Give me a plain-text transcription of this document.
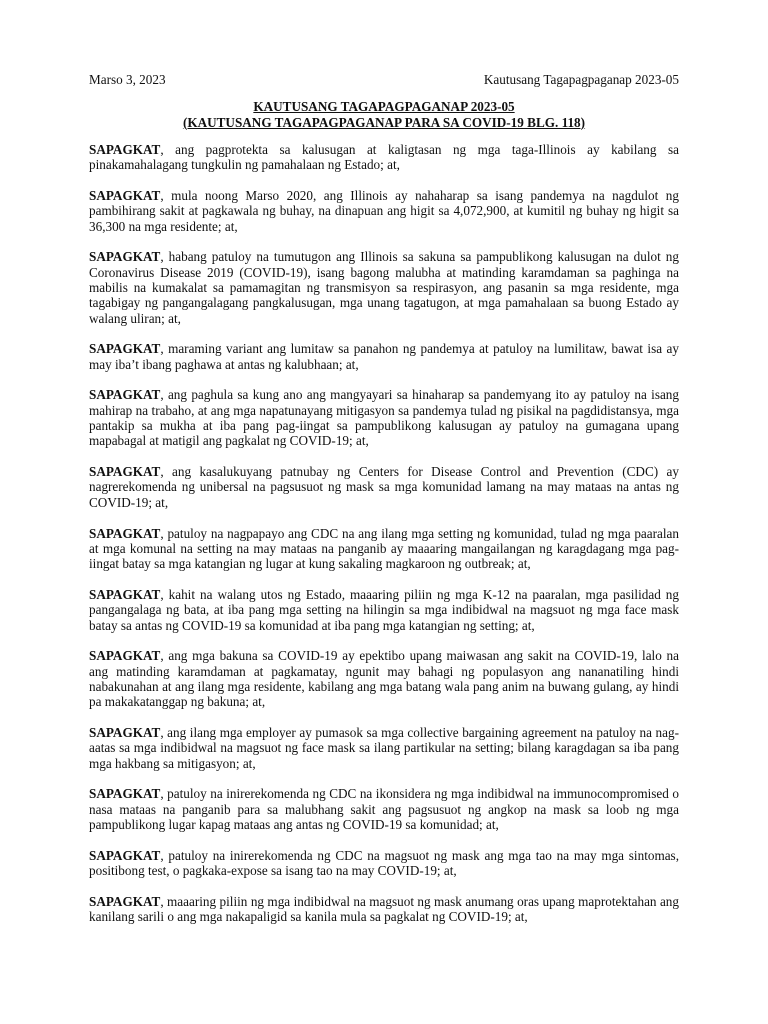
Marso 3, 2023	Kautusang Tagapagpaganap 2023-05
KAUTUSANG TAGAPAGPAGANAP 2023-05
(KAUTUSANG TAGAPAGPAGANAP PARA SA COVID-19 BLG. 118)

SAPAGKAT, ang pagprotekta sa kalusugan at kaligtasan ng mga taga-Illinois ay kabilang sa pinakamahalagang tungkulin ng pamahalaan ng Estado; at,

SAPAGKAT, mula noong Marso 2020, ang Illinois ay nahaharap sa isang pandemya na nagdulot ng pambihirang sakit at pagkawala ng buhay, na dinapuan ang higit sa 4,072,900, at kumitil ng buhay ng higit sa 36,300 na mga residente; at,

SAPAGKAT, habang patuloy na tumutugon ang Illinois sa sakuna sa pampublikong kalusugan na dulot ng Coronavirus Disease 2019 (COVID-19), isang bagong malubha at matinding karamdaman sa paghinga na mabilis na kumakalat sa pamamagitan ng transmisyon sa respirasyon, ang pasanin sa mga residente, mga tagabigay ng pangangalagang pangkalusugan, mga unang tagatugon, at mga pamahalaan sa buong Estado ay walang uliran; at,

SAPAGKAT, maraming variant ang lumitaw sa panahon ng pandemya at patuloy na lumilitaw, bawat isa ay may iba’t ibang paghawa at antas ng kalubhaan; at,

SAPAGKAT, ang paghula sa kung ano ang mangyayari sa hinaharap sa pandemyang ito ay patuloy na isang mahirap na trabaho, at ang mga napatunayang mitigasyon sa pandemya tulad ng pisikal na pagdidistansya, mga pantakip sa mukha at iba pang pag-iingat sa pampublikong kalusugan ay patuloy na gumagana upang mapabagal at matigil ang pagkalat ng COVID-19; at,

SAPAGKAT, ang kasalukuyang patnubay ng Centers for Disease Control and Prevention (CDC) ay nagrerekomenda ng unibersal na pagsusuot ng mask sa mga komunidad lamang na may mataas na antas ng COVID-19; at,

SAPAGKAT, patuloy na nagpapayo ang CDC na ang ilang mga setting ng komunidad, tulad ng mga paaralan at mga komunal na setting na may mataas na panganib ay maaaring mangailangan ng karagdagang mga pag-iingat batay sa mga katangian ng lugar at kung sakaling magkaroon ng outbreak; at,

SAPAGKAT, kahit na walang utos ng Estado, maaaring piliin ng mga K-12 na paaralan, mga pasilidad ng pangangalaga ng bata, at iba pang mga setting na hilingin sa mga indibidwal na magsuot ng mga face mask batay sa antas ng COVID-19 sa komunidad at iba pang mga katangian ng setting; at,

SAPAGKAT, ang mga bakuna sa COVID-19 ay epektibo upang maiwasan ang sakit na COVID-19, lalo na ang matinding karamdaman at pagkamatay, ngunit may bahagi ng populasyon ang nananatiling hindi nabakunahan at ang ilang mga residente, kabilang ang mga batang wala pang anim na buwang gulang, ay hindi pa makakatanggap ng bakuna; at,

SAPAGKAT, ang ilang mga employer ay pumasok sa mga collective bargaining agreement na patuloy na nag-aatas sa mga indibidwal na magsuot ng face mask sa ilang partikular na setting; bilang karagdagan sa iba pang mga hakbang sa mitigasyon; at,

SAPAGKAT, patuloy na inirerekomenda ng CDC na ikonsidera ng mga indibidwal na immunocompromised o nasa mataas na panganib para sa malubhang sakit ang pagsusuot ng angkop na mask sa loob ng mga pampublikong lugar kapag mataas ang antas ng COVID-19 sa komunidad; at,

SAPAGKAT, patuloy na inirerekomenda ng CDC na magsuot ng mask ang mga tao na may mga sintomas, positibong test, o pagkaka-expose sa isang tao na may COVID-19; at,

SAPAGKAT, maaaring piliin ng mga indibidwal na magsuot ng mask anumang oras upang maprotektahan ang kanilang sarili o ang mga nakapaligid sa kanila mula sa pagkalat ng COVID-19; at,
